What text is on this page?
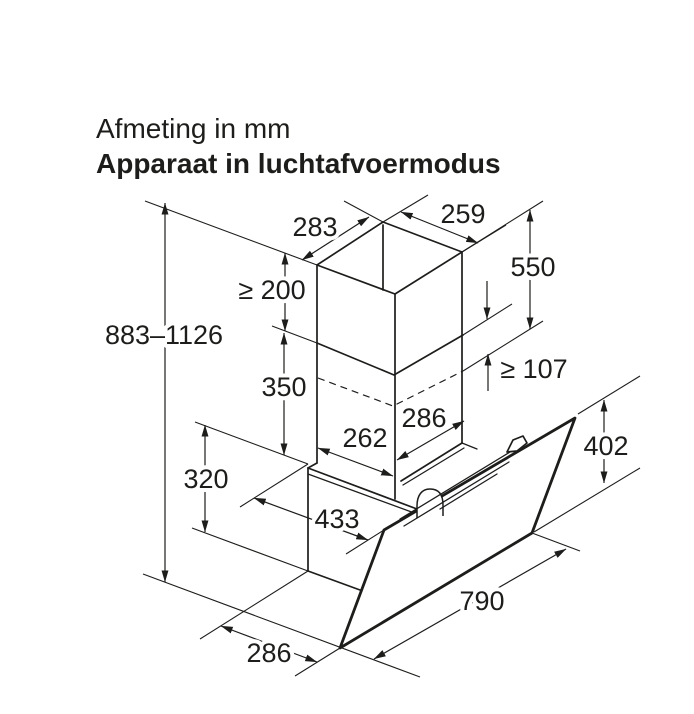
Afmeting in mm
Apparaat in luchtafvoermodus
283	259
550
≥ 200
883–1126
350
≥ 107
262
286
402
320
433
790
286
